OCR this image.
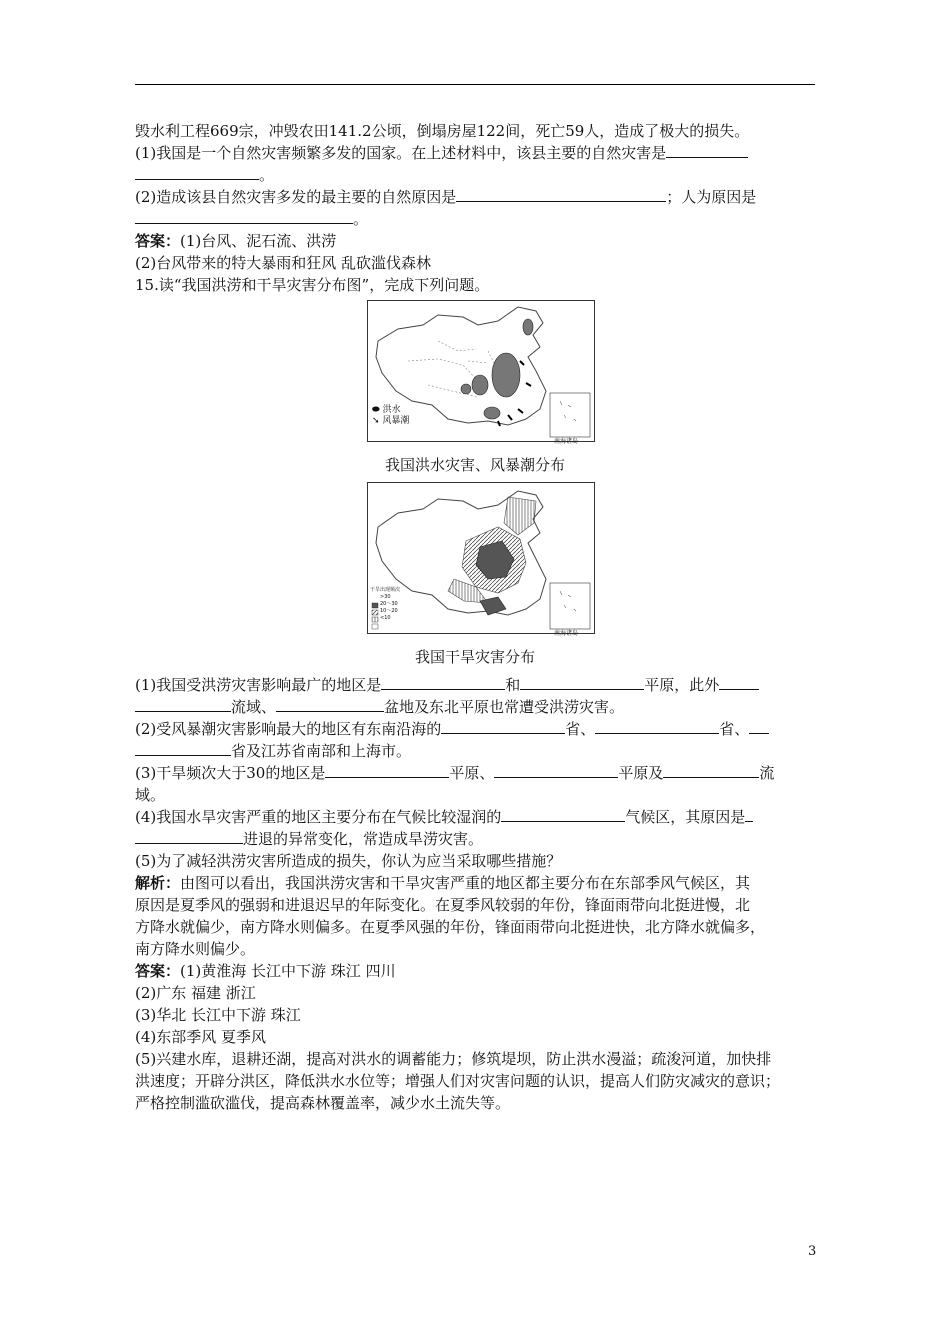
毁水利工程669宗，冲毁农田141.2公顷，倒塌房屋122间，死亡59人，造成了极大的损失。
(1)我国是一个自然灾害频繁多发的国家。在上述材料中，该县主要的自然灾害是
。
(2)造成该县自然灾害多发的最主要的自然原因是	；人为原因是
。
答案：(1)台风、泥石流、洪涝
(2)台风带来的特大暴雨和狂风 乱砍滥伐森林
15.读“我国洪涝和干旱灾害分布图”，完成下列问题。
⬬ 洪水
➘ 风暴潮
南海诸岛
我国洪水灾害、风暴潮分布
干旱出现频次
>30
20～30
10～20
<10
南海诸岛
我国干旱灾害分布
(1)我国受洪涝灾害影响最广的地区是	和	平原，此外
流域、	盆地及东北平原也常遭受洪涝灾害。
(2)受风暴潮灾害影响最大的地区有东南沿海的	省、	省、
省及江苏省南部和上海市。
(3)干旱频次大于30的地区是	平原、	平原及	流
域。
(4)我国水旱灾害严重的地区主要分布在气候比较湿润的	气候区，其原因是
进退的异常变化，常造成旱涝灾害。
(5)为了减轻洪涝灾害所造成的损失，你认为应当采取哪些措施？
解析：由图可以看出，我国洪涝灾害和干旱灾害严重的地区都主要分布在东部季风气候区，其
原因是夏季风的强弱和进退迟早的年际变化。在夏季风较弱的年份，锋面雨带向北挺进慢，北
方降水就偏少，南方降水则偏多。在夏季风强的年份，锋面雨带向北挺进快，北方降水就偏多，
南方降水则偏少。
答案：(1)黄淮海 长江中下游 珠江 四川
(2)广东 福建 浙江
(3)华北 长江中下游 珠江
(4)东部季风 夏季风
(5)兴建水库，退耕还湖，提高对洪水的调蓄能力；修筑堤坝，防止洪水漫溢；疏浚河道，加快排
洪速度；开辟分洪区，降低洪水水位等；增强人们对灾害问题的认识，提高人们防灾减灾的意识；
严格控制滥砍滥伐，提高森林覆盖率，减少水土流失等。
3
